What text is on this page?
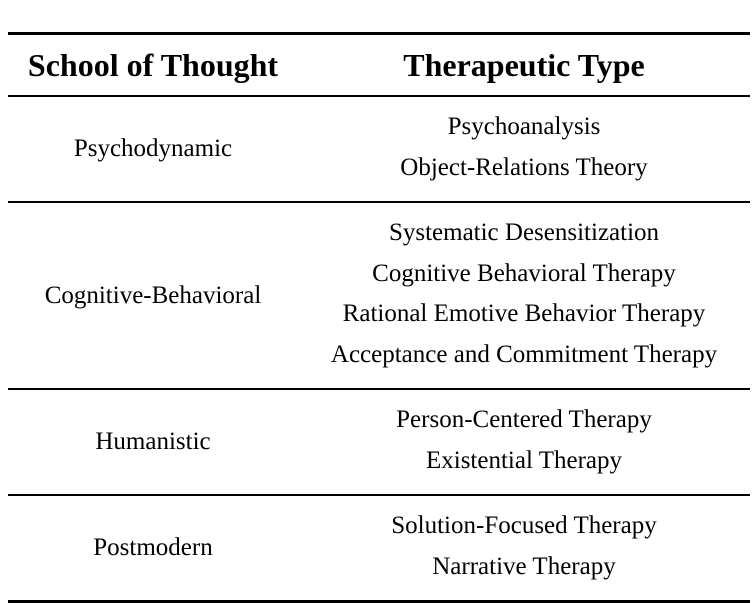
School of Thought	Therapeutic Type
Psychodynamic	Psychoanalysis
Object-Relations Theory

Cognitive-Behavioral	Systematic Desensitization
Cognitive Behavioral Therapy
Rational Emotive Behavior Therapy
Acceptance and Commitment Therapy

Humanistic	Person-Centered Therapy
Existential Therapy

Postmodern	Solution-Focused Therapy
Narrative Therapy
